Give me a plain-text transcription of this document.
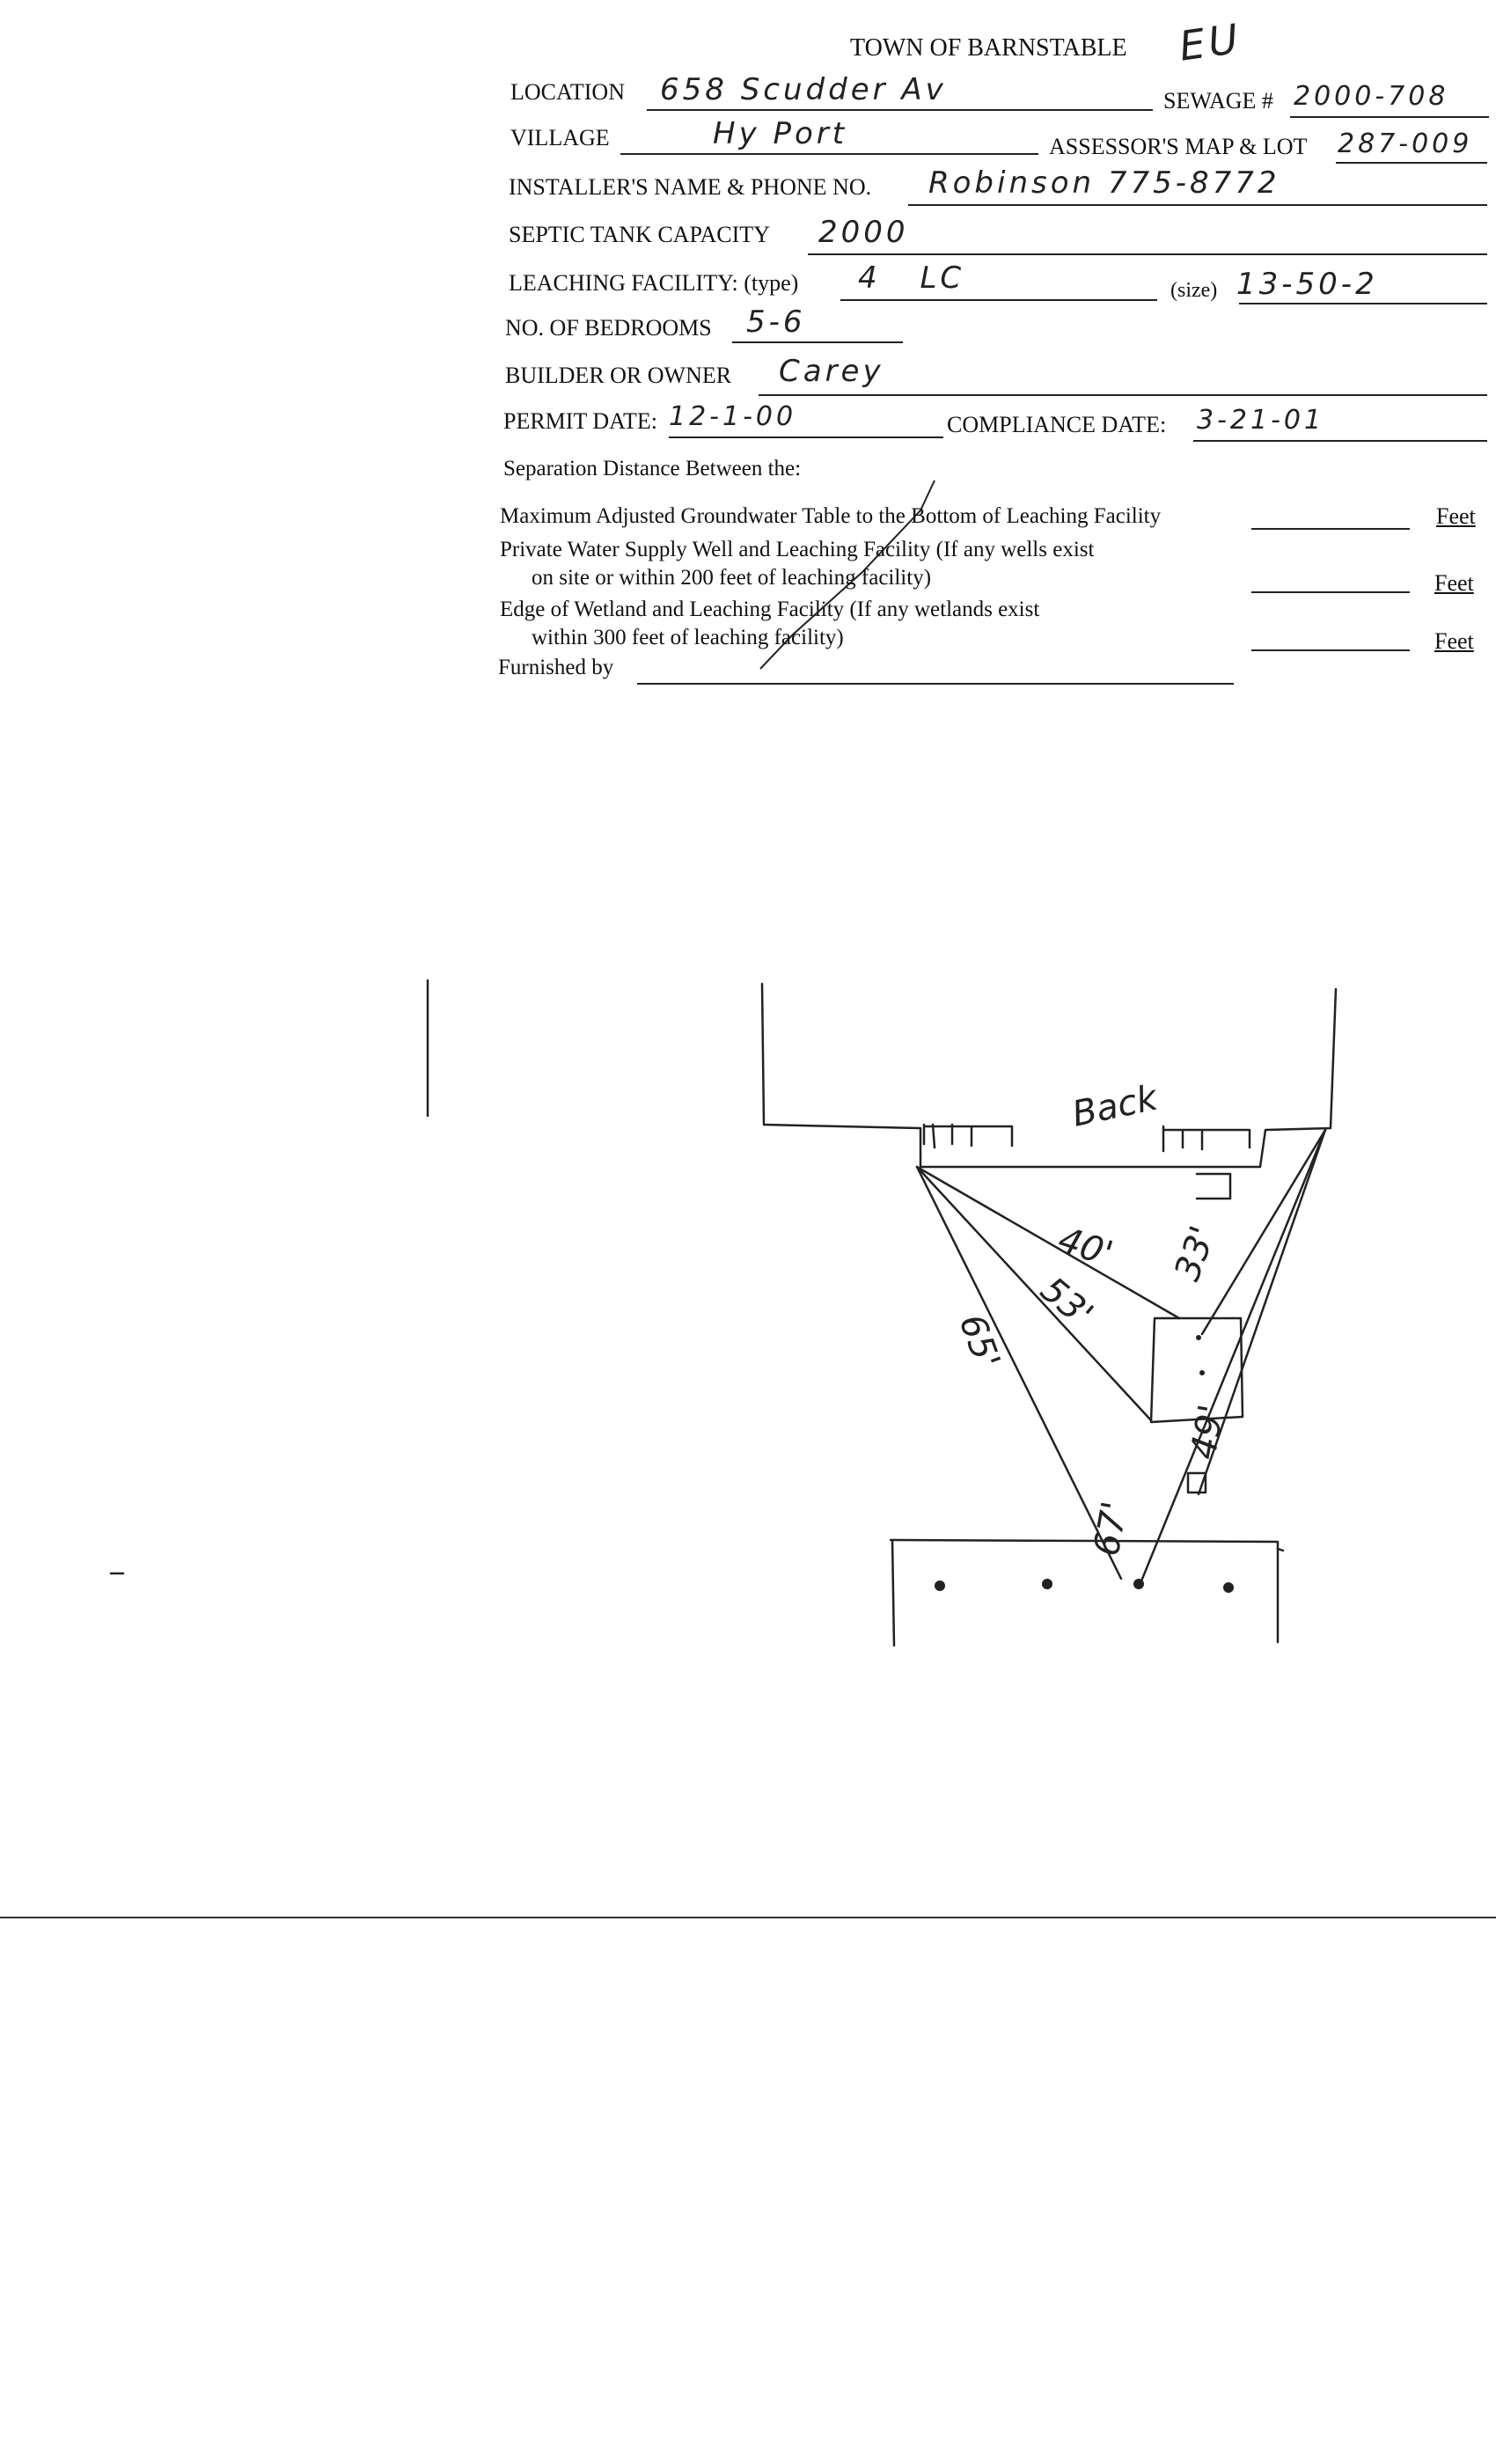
TOWN OF BARNSTABLE EU
LOCATION 658 Scudder Av	SEWAGE # 2000-708
VILLAGE	Hy Port	ASSESSOR'S MAP & LOT 287-009
INSTALLER'S NAME & PHONE NO. Robinson 775-8772
SEPTIC TANK CAPACITY 2000
LEACHING FACILITY: (type) 4 LC	(size) 13-50-2
NO. OF BEDROOMS 5-6
BUILDER OR OWNER Carey
PERMIT DATE: 12-1-00	COMPLIANCE DATE: 3-21-01
Separation Distance Between the:
Maximum Adjusted Groundwater Table to the Bottom of Leaching Facility	Feet
Private Water Supply Well and Leaching Facility (If any wells exist
on site or within 200 feet of leaching facility)	Feet
Edge of Wetland and Leaching Facility (If any wetlands exist
within 300 feet of leaching facility)	Feet
Furnished by
Back
40' 33'
53'
65'
49'
67'
